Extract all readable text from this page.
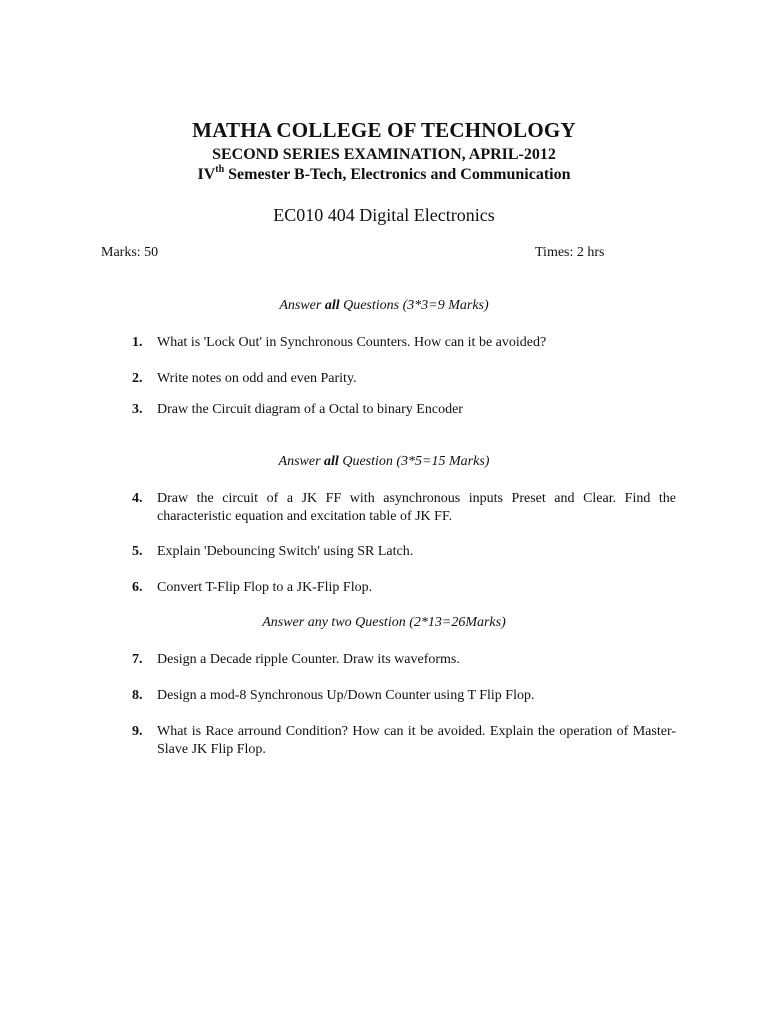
MATHA COLLEGE OF TECHNOLOGY
SECOND SERIES EXAMINATION, APRIL-2012
IVth Semester B-Tech, Electronics and Communication
EC010 404 Digital Electronics
Marks: 50	Times: 2 hrs
Answer all Questions (3*3=9 Marks)
1.	What is 'Lock Out' in Synchronous Counters. How can it be avoided?
2.	Write notes on odd and even Parity.
3.	Draw the Circuit diagram of a Octal to binary Encoder
Answer all Question (3*5=15 Marks)
4.	Draw the circuit of a JK FF with asynchronous inputs Preset and Clear. Find the characteristic equation and excitation table of JK FF.
5.	Explain 'Debouncing Switch' using SR Latch.
6.	Convert T-Flip Flop to a JK-Flip Flop.
Answer any two Question (2*13=26Marks)
7.	Design a Decade ripple Counter. Draw its waveforms.
8.	Design a mod-8 Synchronous Up/Down Counter using T Flip Flop.
9.	What is Race arround Condition? How can it be avoided. Explain the operation of Master-Slave JK Flip Flop.
